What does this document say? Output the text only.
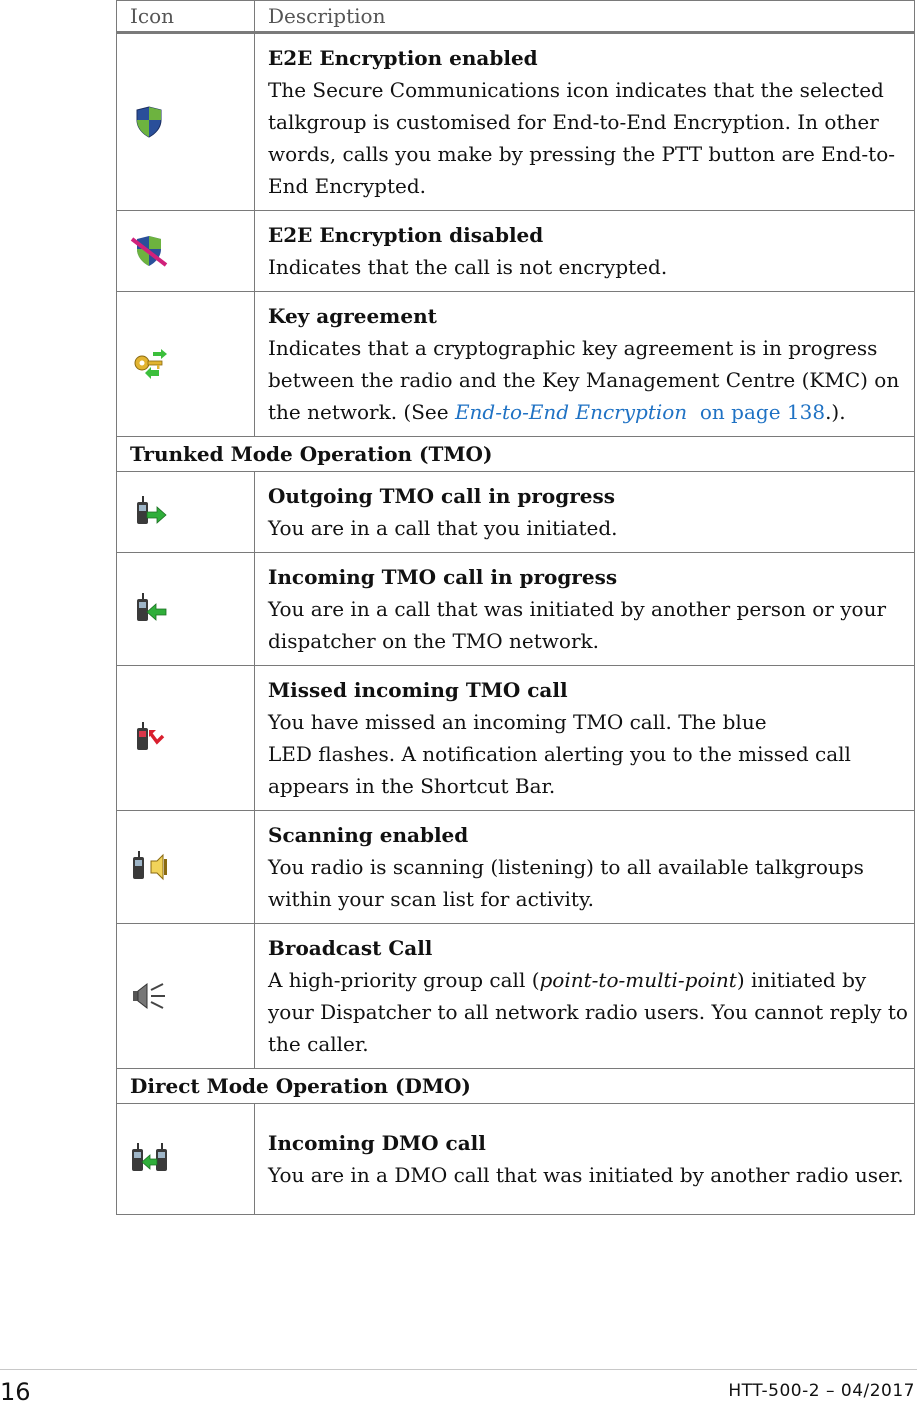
Icon	Description

E2E Encryption enabled
The Secure Communications icon indicates that the selected talkgroup is customised for End-to-End Encryption. In other words, calls you make by pressing the PTT button are End-to-End Encrypted.

E2E Encryption disabled
Indicates that the call is not encrypted.

Key agreement
Indicates that a cryptographic key agreement is in progress between the radio and the Key Management Centre (KMC) on the network. (See End-to-End Encryption on page 138.).
Trunked Mode Operation (TMO)	

Outgoing TMO call in progress
You are in a call that you initiated.

Incoming TMO call in progress
You are in a call that was initiated by another person or your dispatcher on the TMO network.

Missed incoming TMO call
You have missed an incoming TMO call. The blue
LED flashes. A notification alerting you to the missed call appears in the Shortcut Bar.

Scanning enabled
You radio is scanning (listening) to all available talkgroups within your scan list for activity.

Broadcast Call
A high-priority group call (point-to-multi-point) initiated by your Dispatcher to all network radio users. You cannot reply to the caller.
Direct Mode Operation (DMO)	

Incoming DMO call
You are in a DMO call that was initiated by another radio user.
16	HTT-500-2 – 04/2017
